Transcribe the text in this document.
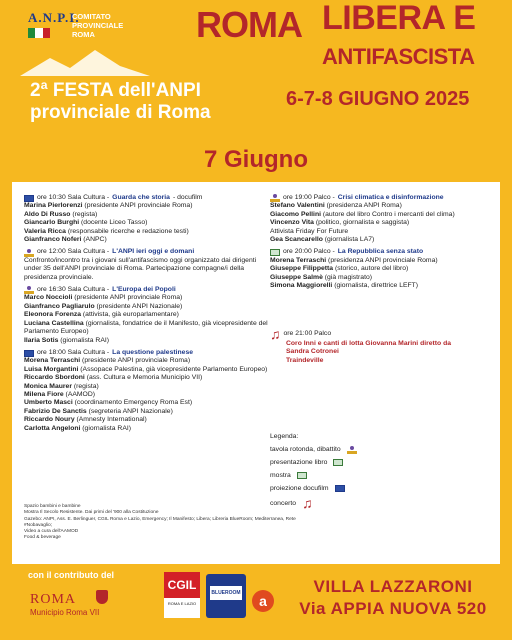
A.N.P.I.
COMITATO
PROVINCIALE
ROMA	ROMA LIBERA E
ANTIFASCISTA
2ª FESTA dell'ANPI
provinciale di Roma
6-7-8 GIUGNO 2025
7 Giugno
ore 10:30 Sala Cultura - Guarda che storia - docufilm
Marina Pierlorenzi (presidente ANPI provinciale Roma)
Aldo Di Russo (regista)
Giancarlo Burghi (docente Liceo Tasso)
Valeria Ricca (responsabile ricerche e redazione testi)
Gianfranco Noferi (ANPC)
ore 12:00 Sala Cultura - L'ANPI ieri oggi e domani
Confronto/incontro tra i giovani sull'antifascismo oggi organizzato dai dirigenti under 35 dell'ANPI provinciale di Roma. Partecipazione compagne/i della presidenza provinciale.
ore 16:30 Sala Cultura - L'Europa dei Popoli
Marco Noccioli (presidente ANPI provinciale Roma)
Gianfranco Pagliarulo (presidente ANPI Nazionale)
Eleonora Forenza (attivista, già europarlamentare)
Luciana Castellina (giornalista, fondatrice de il Manifesto, già vicepresidente del Parlamento Europeo)
Ilaria Sotis (giornalista RAI)
ore 18:00 Sala Cultura - La questione palestinese
Morena Terraschi (presidente ANPI provinciale Roma)
Luisa Morgantini (Assopace Palestina, già vicepresidente Parlamento Europeo)
Riccardo Sbordoni (ass. Cultura e Memoria Municipio VII)
Monica Maurer (regista)
Milena Fiore (AAMOD)
Umberto Masci (coordinamento Emergency Roma Est)
Fabrizio De Sanctis (segreteria ANPI Nazionale)
Riccardo Noury (Amnesty International)
Carlotta Angeloni (giornalista RAI)
ore 19:00 Palco - Crisi climatica e disinformazione
Stefano Valentini (presidenza ANPI Roma)
Giacomo Pellini (autore del libro Contro i mercanti del clima)
Vincenzo Vita (politico, giornalista e saggista)
Attivista Friday For Future
Gea Scancarello (giornalista LA7)
ore 20:00 Palco - La Repubblica senza stato
Morena Terraschi (presidenza ANPI provinciale Roma)
Giuseppe Filippetta (storico, autore del libro)
Giuseppe Salmè (già magistrato)
Simona Maggiorelli (giornalista, direttrice LEFT)
♫ ore 21:00 Palco
Coro Inni e canti di lotta Giovanna Marini diretto da
Sandra Cotronei
Traindeville
Legenda:
tavola rotonda, dibattito
presentazione libro
mostra
proiezione docufilm
concerto ♫
Spazio bambini e bambine
Mostra Il Secolo Resistente. Dai primi del '900 alla Costituzione
Gazebo: ANPI, Ass. E. Berlinguer, CGIL Roma e Lazio, Emergency; Il Manifesto; Libera; Libreria BlueRoom; Mediterranea, Rete #Nobavaglio;
Video a cura dell'AAMOD
Food & beverage
con il contributo del
ROMA
Municipio Roma VII
CGIL
ROMA E LAZIO
BLUEROOM	a
VILLA LAZZARONI
Via APPIA NUOVA 520
